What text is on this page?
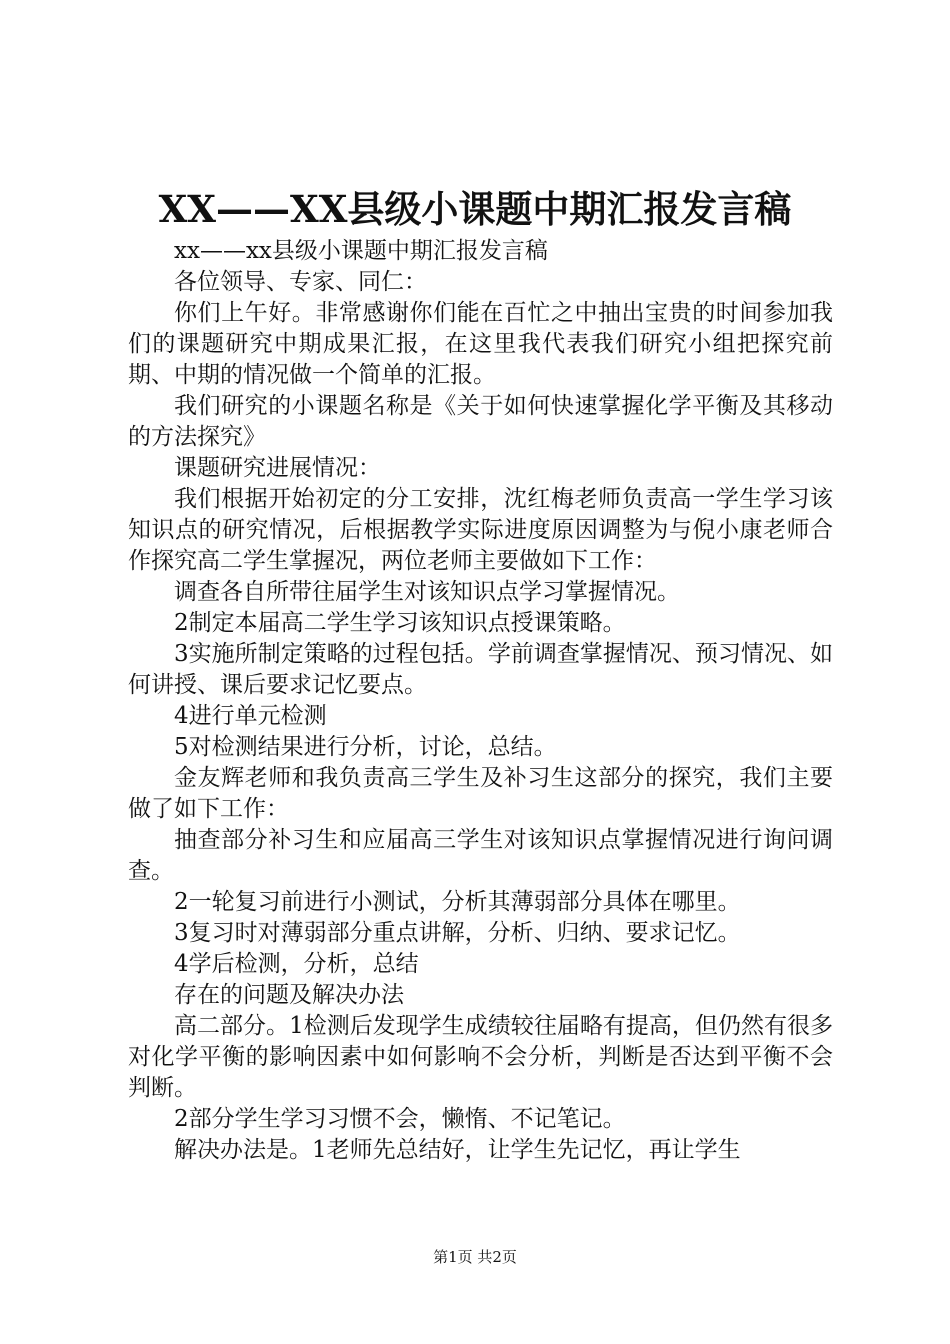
XX——XX县级小课题中期汇报发言稿

xx——xx县级小课题中期汇报发言稿

各位领导、专家、同仁：

你们上午好。非常感谢你们能在百忙之中抽出宝贵的时间参加我们的课题研究中期成果汇报，在这里我代表我们研究小组把探究前期、中期的情况做一个简单的汇报。

我们研究的小课题名称是《关于如何快速掌握化学平衡及其移动的方法探究》

课题研究进展情况：

我们根据开始初定的分工安排，沈红梅老师负责高一学生学习该知识点的研究情况，后根据教学实际进度原因调整为与倪小康老师合作探究高二学生掌握况，两位老师主要做如下工作：

调查各自所带往届学生对该知识点学习掌握情况。

2制定本届高二学生学习该知识点授课策略。

3实施所制定策略的过程包括。学前调查掌握情况、预习情况、如何讲授、课后要求记忆要点。

4进行单元检测

5对检测结果进行分析，讨论，总结。

金友辉老师和我负责高三学生及补习生这部分的探究，我们主要做了如下工作：

抽查部分补习生和应届高三学生对该知识点掌握情况进行询问调查。

2一轮复习前进行小测试，分析其薄弱部分具体在哪里。

3复习时对薄弱部分重点讲解，分析、归纳、要求记忆。

4学后检测，分析，总结

存在的问题及解决办法

高二部分。1检测后发现学生成绩较往届略有提高，但仍然有很多对化学平衡的影响因素中如何影响不会分析，判断是否达到平衡不会判断。

2部分学生学习习惯不会，懒惰、不记笔记。

解决办法是。1老师先总结好，让学生先记忆，再让学生

第1页 共2页
